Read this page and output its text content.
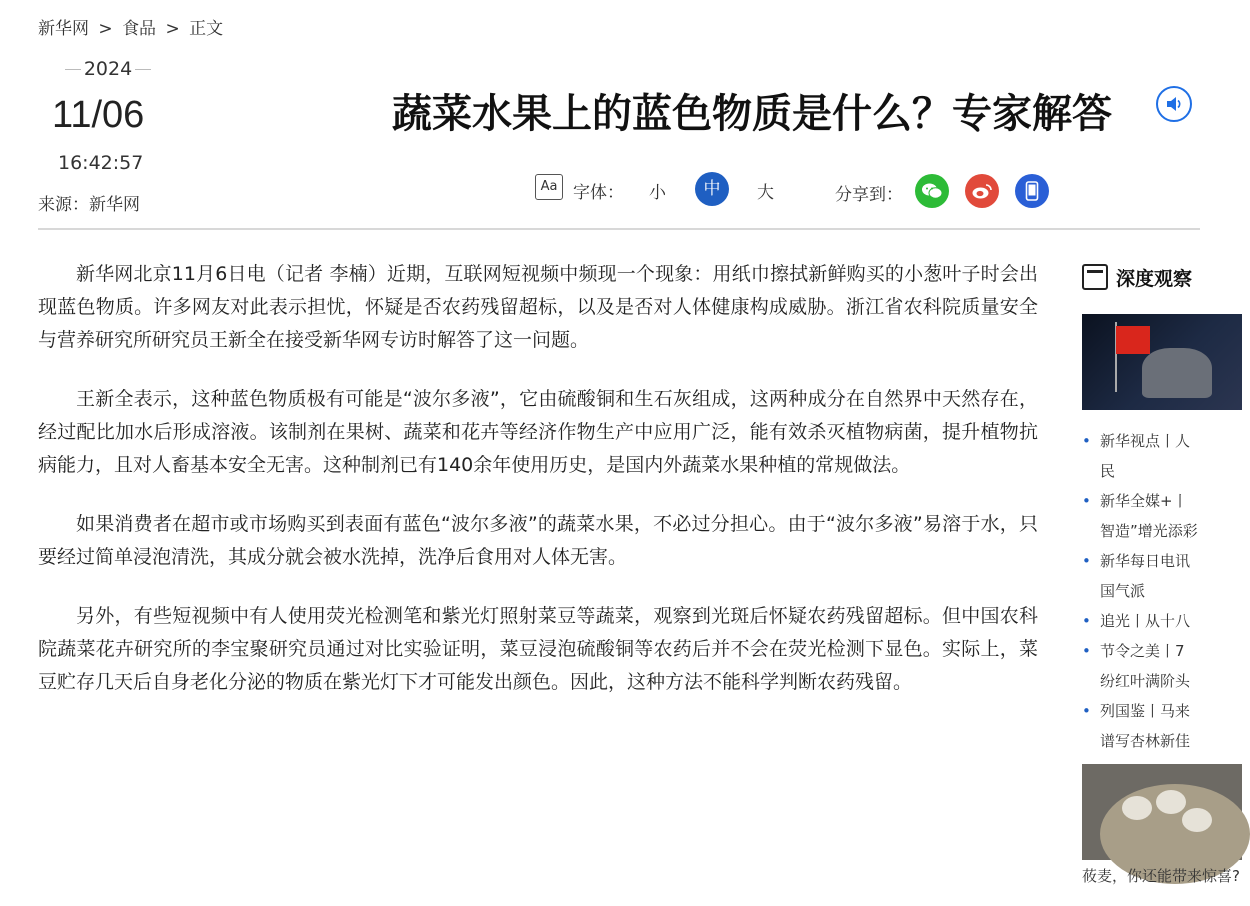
新华网 > 食品 > 正文
2024
11/06
16:42:57
来源：新华网
蔬菜水果上的蓝色物质是什么？专家解答
Aa 字体： 小	中	大	分享到：

新华网北京11月6日电（记者 李楠）近期，互联网短视频中频现一个现象：用纸巾擦拭新鲜购买的小葱叶子时会出现蓝色物质。许多网友对此表示担忧，怀疑是否农药残留超标，以及是否对人体健康构成威胁。浙江省农科院质量安全与营养研究所研究员王新全在接受新华网专访时解答了这一问题。

王新全表示，这种蓝色物质极有可能是“波尔多液”，它由硫酸铜和生石灰组成，这两种成分在自然界中天然存在，经过配比加水后形成溶液。该制剂在果树、蔬菜和花卉等经济作物生产中应用广泛，能有效杀灭植物病菌，提升植物抗病能力，且对人畜基本安全无害。这种制剂已有140余年使用历史，是国内外蔬菜水果种植的常规做法。

如果消费者在超市或市场购买到表面有蓝色“波尔多液”的蔬菜水果，不必过分担心。由于“波尔多液”易溶于水，只要经过简单浸泡清洗，其成分就会被水洗掉，洗净后食用对人体无害。

另外，有些短视频中有人使用荧光检测笔和紫光灯照射菜豆等蔬菜，观察到光斑后怀疑农药残留超标。但中国农科院蔬菜花卉研究所的李宝聚研究员通过对比实验证明，菜豆浸泡硫酸铜等农药后并不会在荧光检测下显色。实际上，菜豆贮存几天后自身老化分泌的物质在紫光灯下才可能发出颜色。因此，这种方法不能科学判断农药残留。

深度观察
• 新华视点丨人
民
• 新华全媒+丨
智造”增光添彩
• 新华每日电讯
国气派
• 追光丨从十八
• 节令之美丨7
纷红叶满阶头
• 列国鉴丨马来
谱写杏林新佳
莜麦，你还能带来惊喜?
